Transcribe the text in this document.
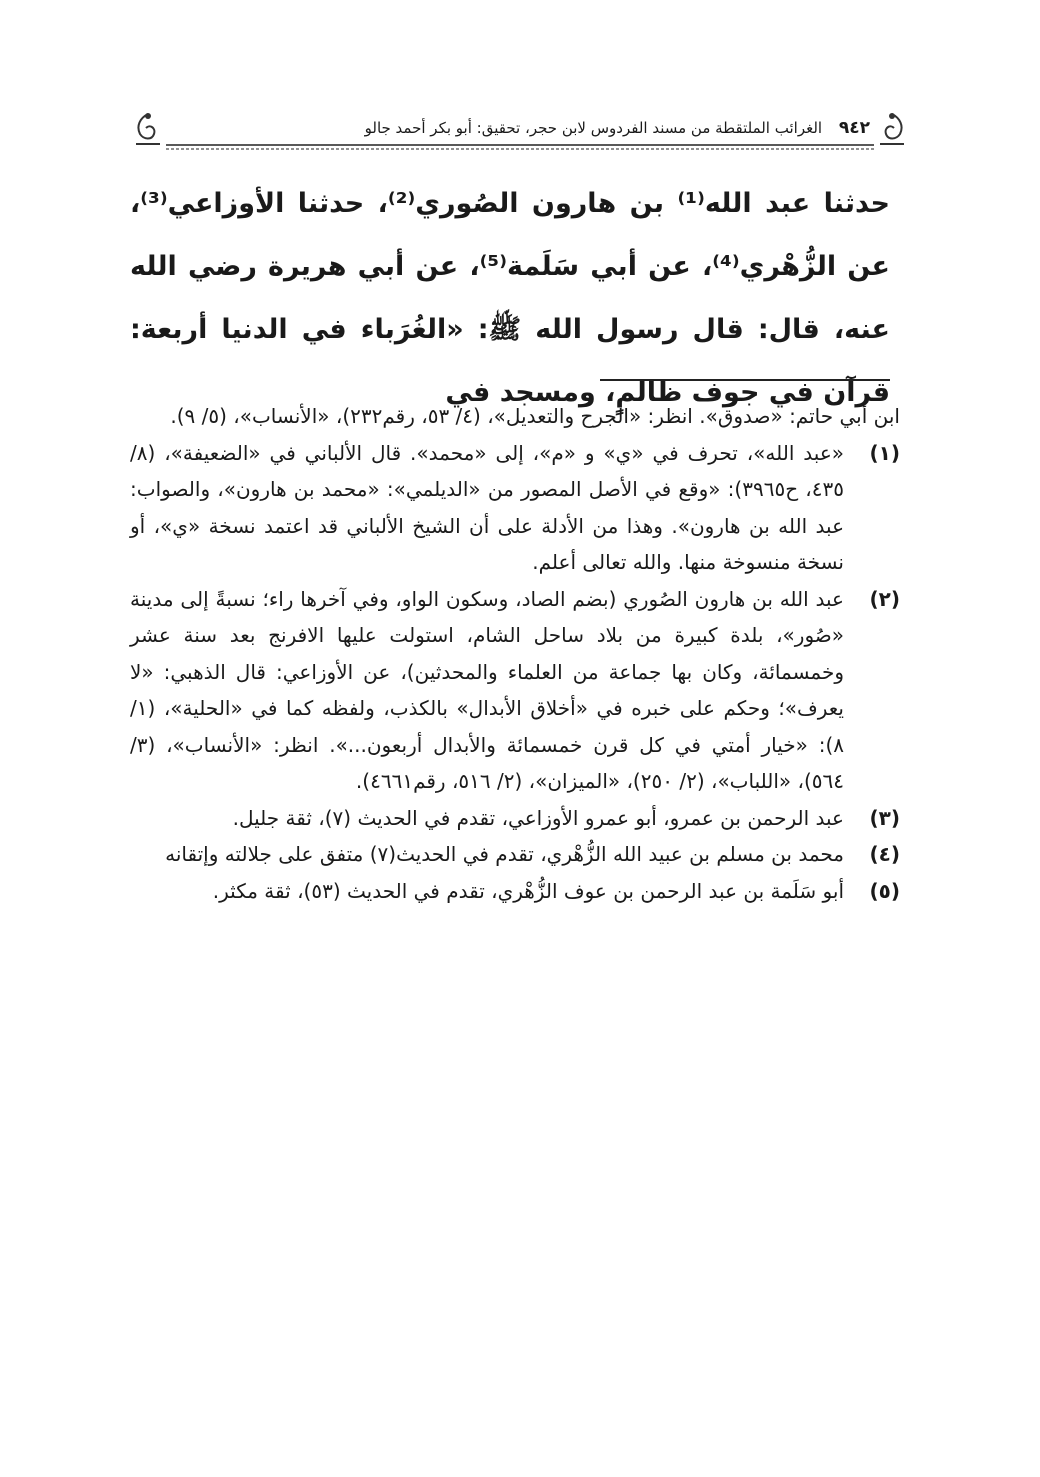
٩٤٢ الغرائب الملتقطة من مسند الفردوس لابن حجر، تحقيق: أبو بكر أحمد جالو

حدثنا عبد الله⁽¹⁾ بن هارون الصُوري⁽²⁾، حدثنا الأوزاعي⁽³⁾، عن الزُّهْري⁽⁴⁾، عن أبي سَلَمة⁽⁵⁾، عن أبي هريرة رضي الله عنه، قال: قال رسول الله ﷺ: «الغُرَباء في الدنيا أربعة: قرآن في جوف ظالمٍ، ومسجد في

ابن أبي حاتم: «صدوق». انظر: «الجرح والتعديل»، (٤/ ٥٣، رقم٢٣٢)، «الأنساب»، (٥/ ٩).

(١)
«عبد الله»، تحرف في «ي» و «م»، إلى «محمد». قال الألباني في «الضعيفة»، (٨/ ٤٣٥، ح٣٩٦٥): «وقع في الأصل المصور من «الديلمي»: «محمد بن هارون»، والصواب: عبد الله بن هارون». وهذا من الأدلة على أن الشيخ الألباني قد اعتمد نسخة «ي»، أو نسخة منسوخة منها. والله تعالى أعلم.
(٢)
عبد الله بن هارون الصُوري (بضم الصاد، وسكون الواو، وفي آخرها راء؛ نسبةً إلى مدينة «صُور»، بلدة كبيرة من بلاد ساحل الشام، استولت عليها الافرنج بعد سنة عشر وخمسمائة، وكان بها جماعة من العلماء والمحدثين)، عن الأوزاعي: قال الذهبي: «لا يعرف»؛ وحكم على خبره في «أخلاق الأبدال» بالكذب، ولفظه كما في «الحلية»، (١/ ٨): «خيار أمتي في كل قرن خمسمائة والأبدال أربعون...». انظر: «الأنساب»، (٣/ ٥٦٤)، «اللباب»، (٢/ ٢٥٠)، «الميزان»، (٢/ ٥١٦، رقم٤٦٦١).
(٣)
عبد الرحمن بن عمرو، أبو عمرو الأوزاعي، تقدم في الحديث (٧)، ثقة جليل.
(٤)
محمد بن مسلم بن عبيد الله الزُّهْري، تقدم في الحديث(٧) متفق على جلالته وإتقانه
(٥)
أبو سَلَمة بن عبد الرحمن بن عوف الزُّهْري، تقدم في الحديث (٥٣)، ثقة مكثر.
